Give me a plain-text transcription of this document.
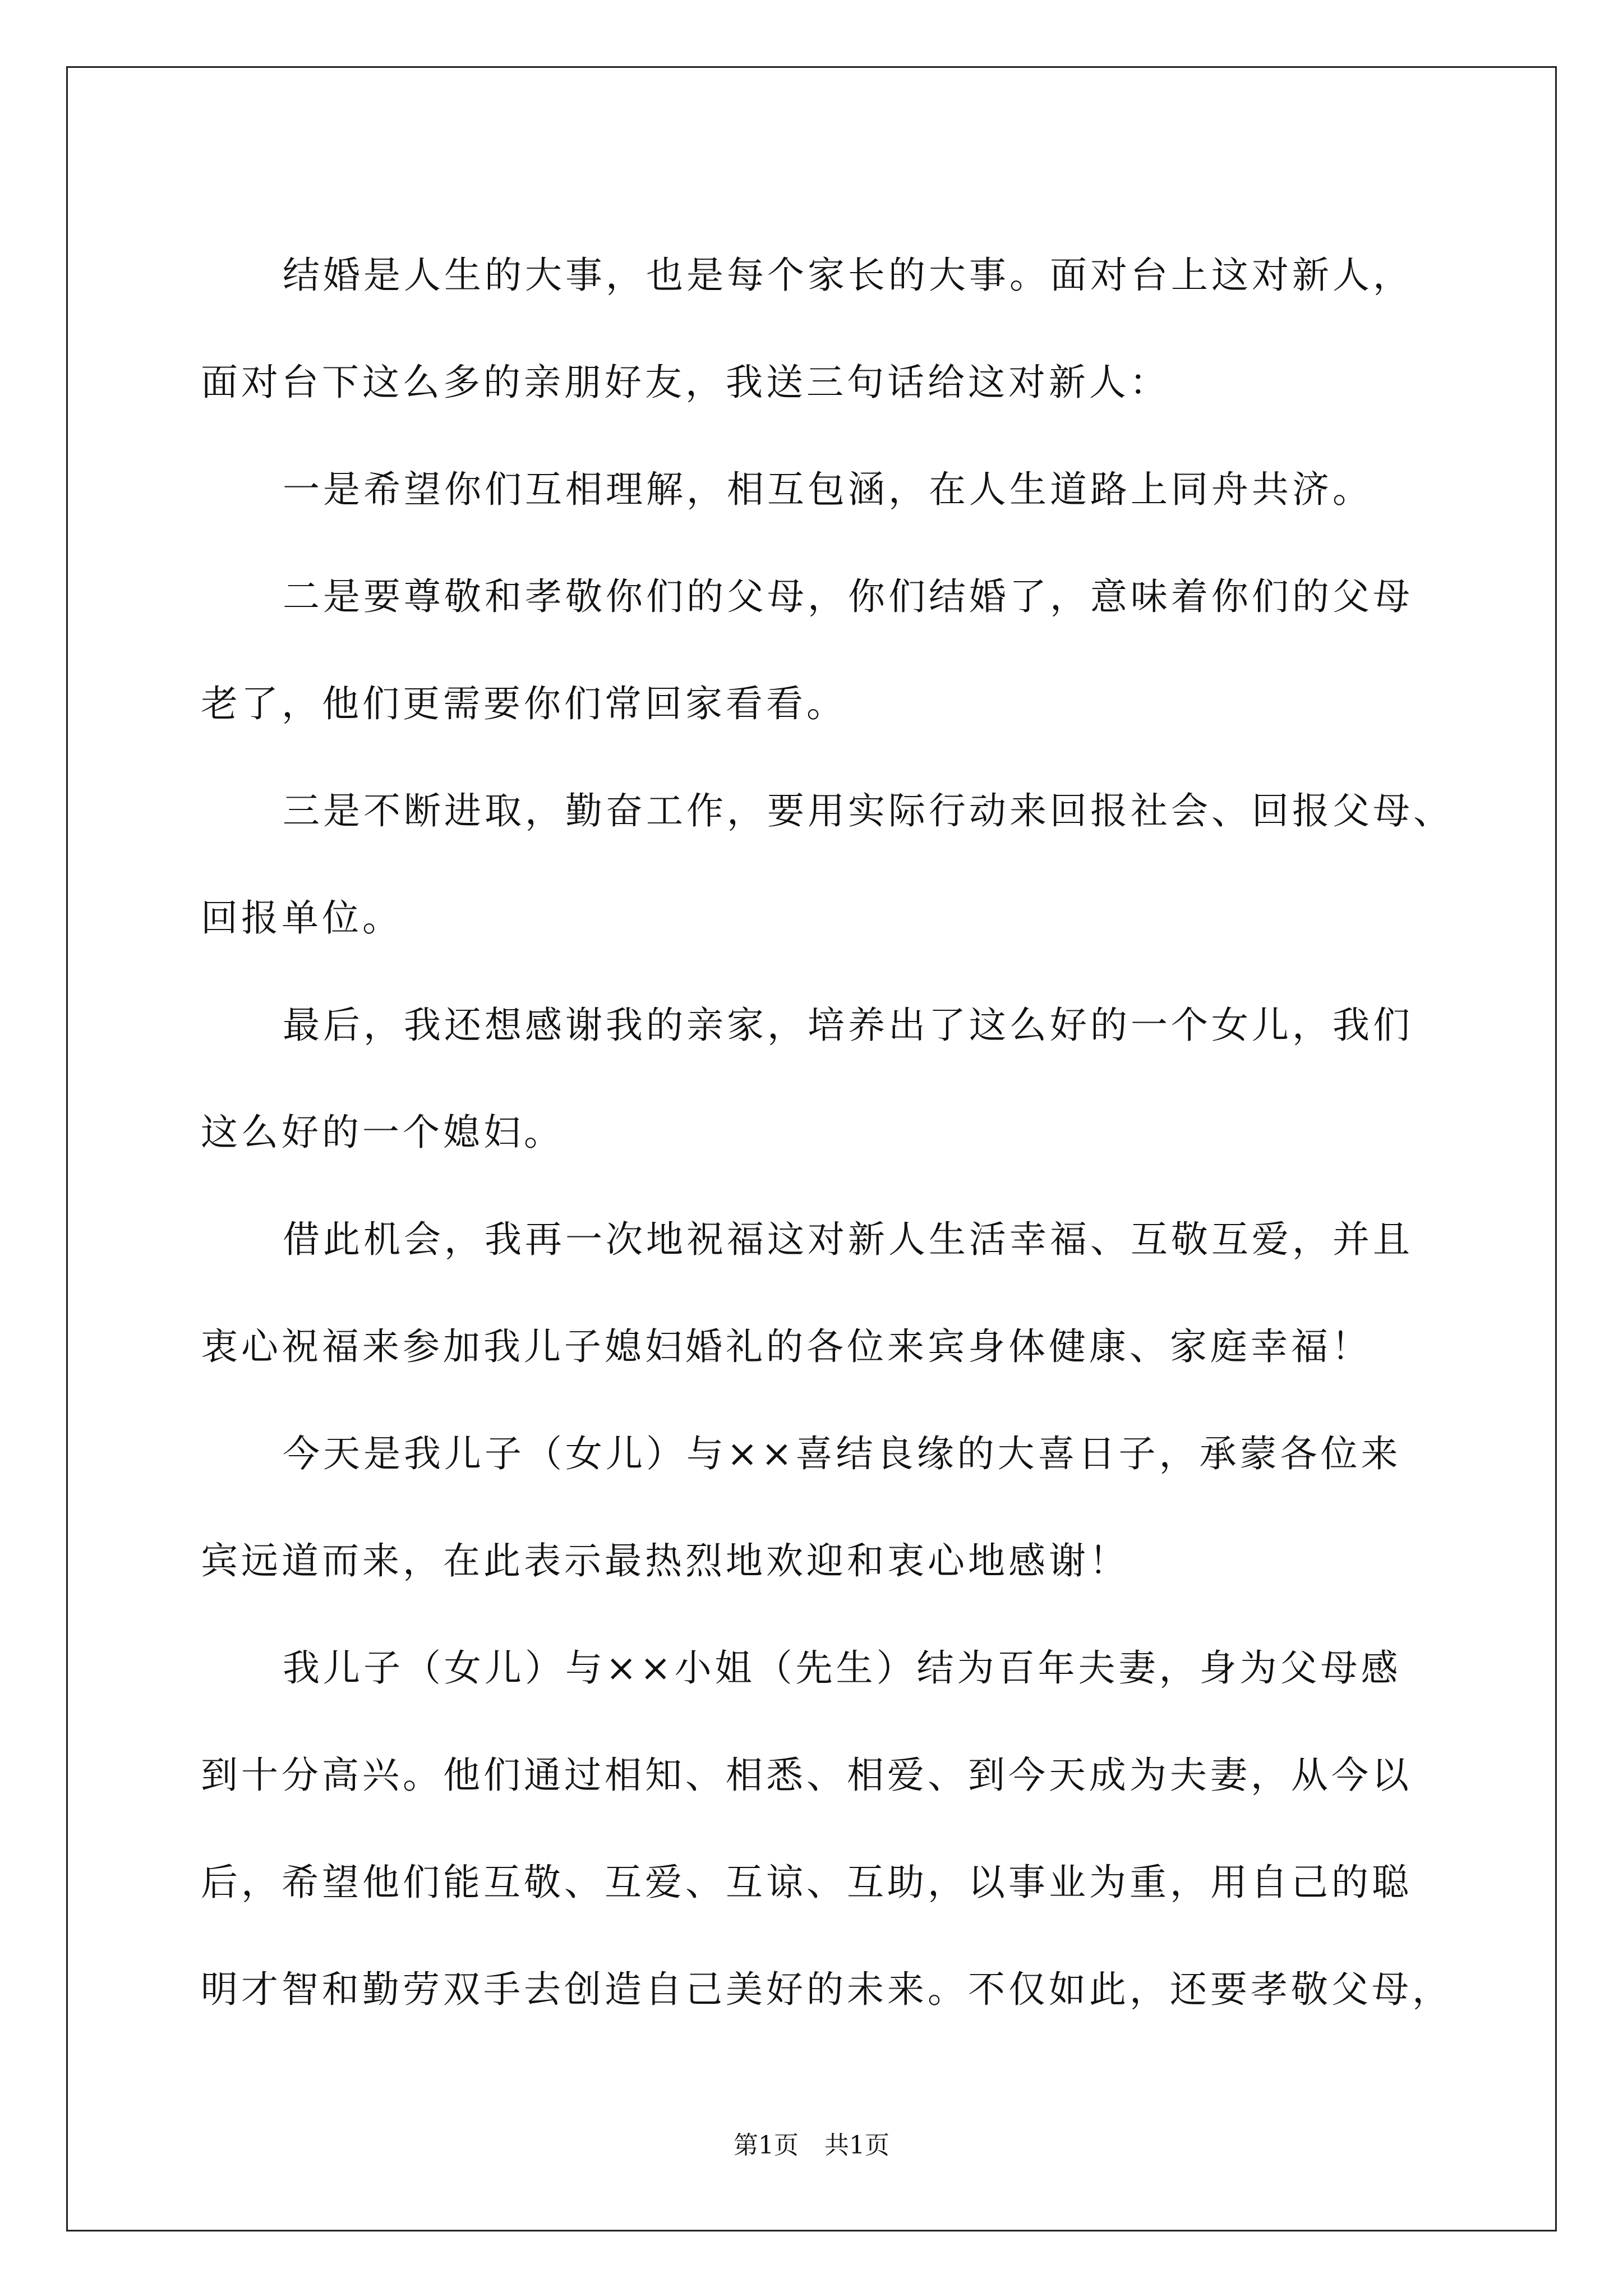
结婚是人生的大事，也是每个家长的大事。面对台上这对新人，
面对台下这么多的亲朋好友，我送三句话给这对新人：
一是希望你们互相理解，相互包涵，在人生道路上同舟共济。
二是要尊敬和孝敬你们的父母，你们结婚了，意味着你们的父母
老了，他们更需要你们常回家看看。
三是不断进取，勤奋工作，要用实际行动来回报社会、回报父母、
回报单位。
最后，我还想感谢我的亲家，培养出了这么好的一个女儿，我们
这么好的一个媳妇。
借此机会，我再一次地祝福这对新人生活幸福、互敬互爱，并且
衷心祝福来参加我儿子媳妇婚礼的各位来宾身体健康、家庭幸福！
今天是我儿子（女儿）与××喜结良缘的大喜日子，承蒙各位来
宾远道而来，在此表示最热烈地欢迎和衷心地感谢！
我儿子（女儿）与××小姐（先生）结为百年夫妻，身为父母感
到十分高兴。他们通过相知、相悉、相爱、到今天成为夫妻，从今以
后，希望他们能互敬、互爱、互谅、互助，以事业为重，用自己的聪
明才智和勤劳双手去创造自己美好的未来。不仅如此，还要孝敬父母，
第1页 共1页
